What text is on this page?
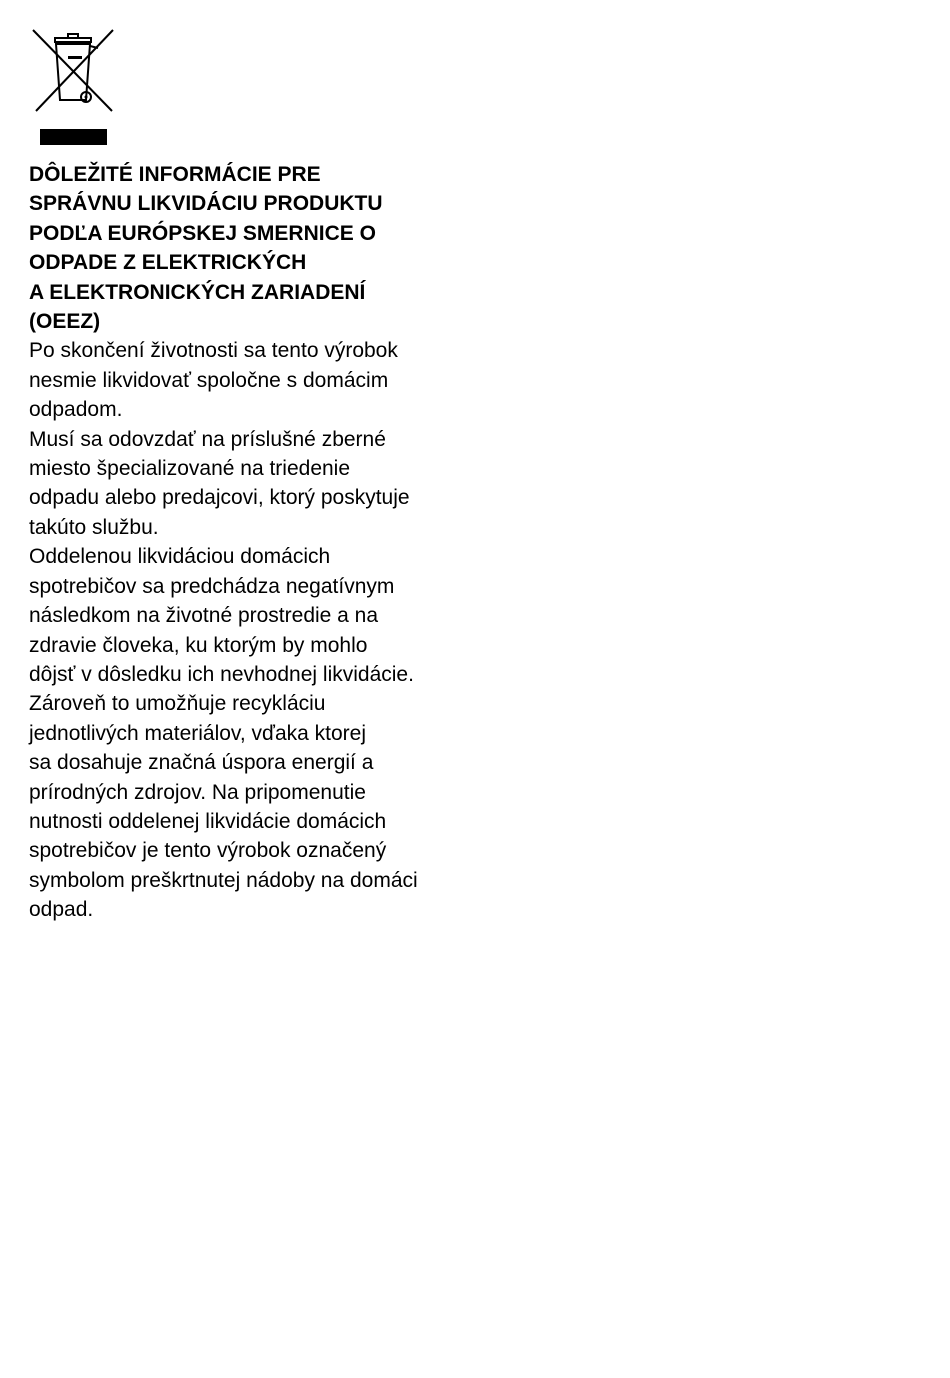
DÔLEŽITÉ INFORMÁCIE PRE
SPRÁVNU LIKVIDÁCIU PRODUKTU
PODĽA EURÓPSKEJ SMERNICE O
ODPADE Z ELEKTRICKÝCH
A ELEKTRONICKÝCH ZARIADENÍ
(OEEZ)
Po skončení životnosti sa tento výrobok
nesmie likvidovať spoločne s domácim
odpadom.
Musí sa odovzdať na príslušné zberné
miesto špecializované na triedenie
odpadu alebo predajcovi, ktorý poskytuje
takúto službu.
Oddelenou likvidáciou domácich
spotrebičov sa predchádza negatívnym
následkom na životné prostredie a na
zdravie človeka, ku ktorým by mohlo
dôjsť v dôsledku ich nevhodnej likvidácie.
Zároveň to umožňuje recykláciu
jednotlivých materiálov, vďaka ktorej
sa dosahuje značná úspora energií a
prírodných zdrojov. Na pripomenutie
nutnosti oddelenej likvidácie domácich
spotrebičov je tento výrobok označený
symbolom preškrtnutej nádoby na domáci
odpad.
